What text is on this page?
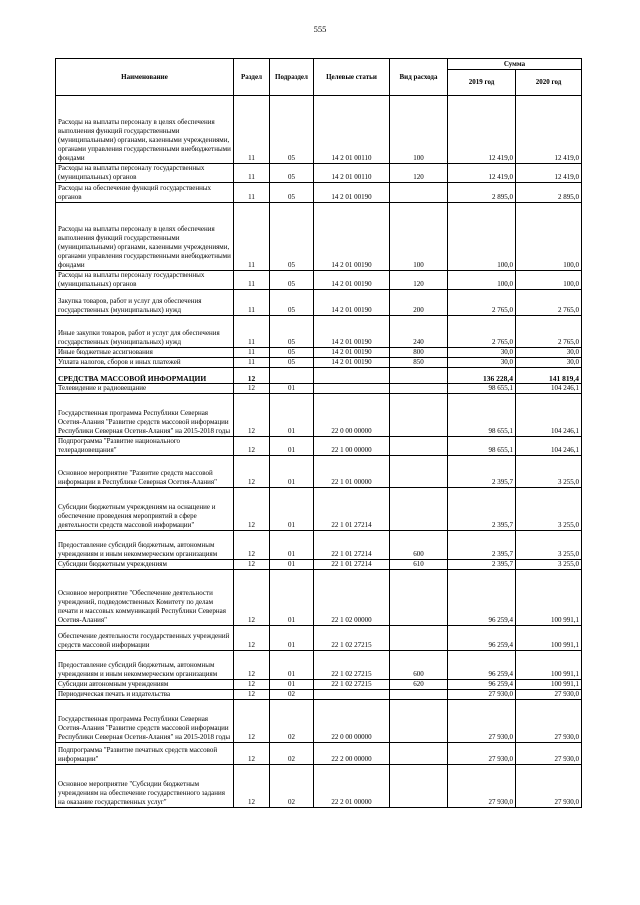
555
Наименование	Раздел	Подраздел	Целевые статьи	Вид расхода	Сумма	
					2019 год	2020 год
Расходы на выплаты персоналу в целях обеспечения выполнения функций государственными (муниципальными) органами, казенными учреждениями, органами управления государственными внебюджетными фондами	11	05	14 2 01 00110	100	12 419,0	12 419,0
Расходы на выплаты персоналу государственных (муниципальных) органов	11	05	14 2 01 00110	120	12 419,0	12 419,0
Расходы на обеспечение функций государственных органов	11	05	14 2 01 00190		2 895,0	2 895,0
Расходы на выплаты персоналу в целях обеспечения выполнения функций государственными (муниципальными) органами, казенными учреждениями, органами управления государственными внебюджетными фондами	11	05	14 2 01 00190	100	100,0	100,0
Расходы на выплаты персоналу государственных (муниципальных) органов	11	05	14 2 01 00190	120	100,0	100,0
Закупка товаров, работ и услуг для обеспечения государственных (муниципальных) нужд	11	05	14 2 01 00190	200	2 765,0	2 765,0
Иные закупки товаров, работ и услуг для обеспечения государственных (муниципальных) нужд	11	05	14 2 01 00190	240	2 765,0	2 765,0
Иные бюджетные ассигнования	11	05	14 2 01 00190	800	30,0	30,0
Уплата налогов, сборов и иных платежей	11	05	14 2 01 00190	850	30,0	30,0
СРЕДСТВА МАССОВОЙ ИНФОРМАЦИИ	12				136 228,4	141 819,4
Телевидение и радиовещание	12	01			98 655,1	104 246,1
Государственная программа Республики Северная Осетия-Алания "Развитие средств массовой информации Республики Северная Осетия-Алания" на 2015-2018 годы	12	01	22 0 00 00000		98 655,1	104 246,1
Подпрограмма "Развитие национального телерадиовещания"	12	01	22 1 00 00000		98 655,1	104 246,1
Основное мероприятие "Развитие средств массовой информации в Республике Северная Осетия-Алания"	12	01	22 1 01 00000		2 395,7	3 255,0
Субсидии бюджетным учреждениям на оснащение и обеспечение проведения мероприятий в сфере деятельности средств массовой информации"	12	01	22 1 01 27214		2 395,7	3 255,0
Предоставление субсидий бюджетным, автономным учреждениям и иным некоммерческим организациям	12	01	22 1 01 27214	600	2 395,7	3 255,0
Субсидии бюджетным учреждениям	12	01	22 1 01 27214	610	2 395,7	3 255,0
Основное мероприятие "Обеспечение деятельности учреждений, подведомственных Комитету по делам печати и массовых коммуникаций Республики Северная Осетия-Алания"	12	01	22 1 02 00000		96 259,4	100 991,1
Обеспечение деятельности государственных учреждений средств массовой информации	12	01	22 1 02 27215		96 259,4	100 991,1
Предоставление субсидий бюджетным, автономным учреждениям и иным некоммерческим организациям	12	01	22 1 02 27215	600	96 259,4	100 991,1
Субсидии автономным учреждениям	12	01	22 1 02 27215	620	96 259,4	100 991,1
Периодическая печать и издательства	12	02			27 930,0	27 930,0
Государственная программа Республики Северная Осетия-Алания "Развитие средств массовой информации Республики Северная Осетия-Алания" на 2015-2018 годы	12	02	22 0 00 00000		27 930,0	27 930,0
Подпрограмма "Развитие печатных средств массовой информации"	12	02	22 2 00 00000		27 930,0	27 930,0
Основное мероприятие "Субсидии бюджетным учреждениям на обеспечение государственного задания на оказание государственных услуг"	12	02	22 2 01 00000		27 930,0	27 930,0
